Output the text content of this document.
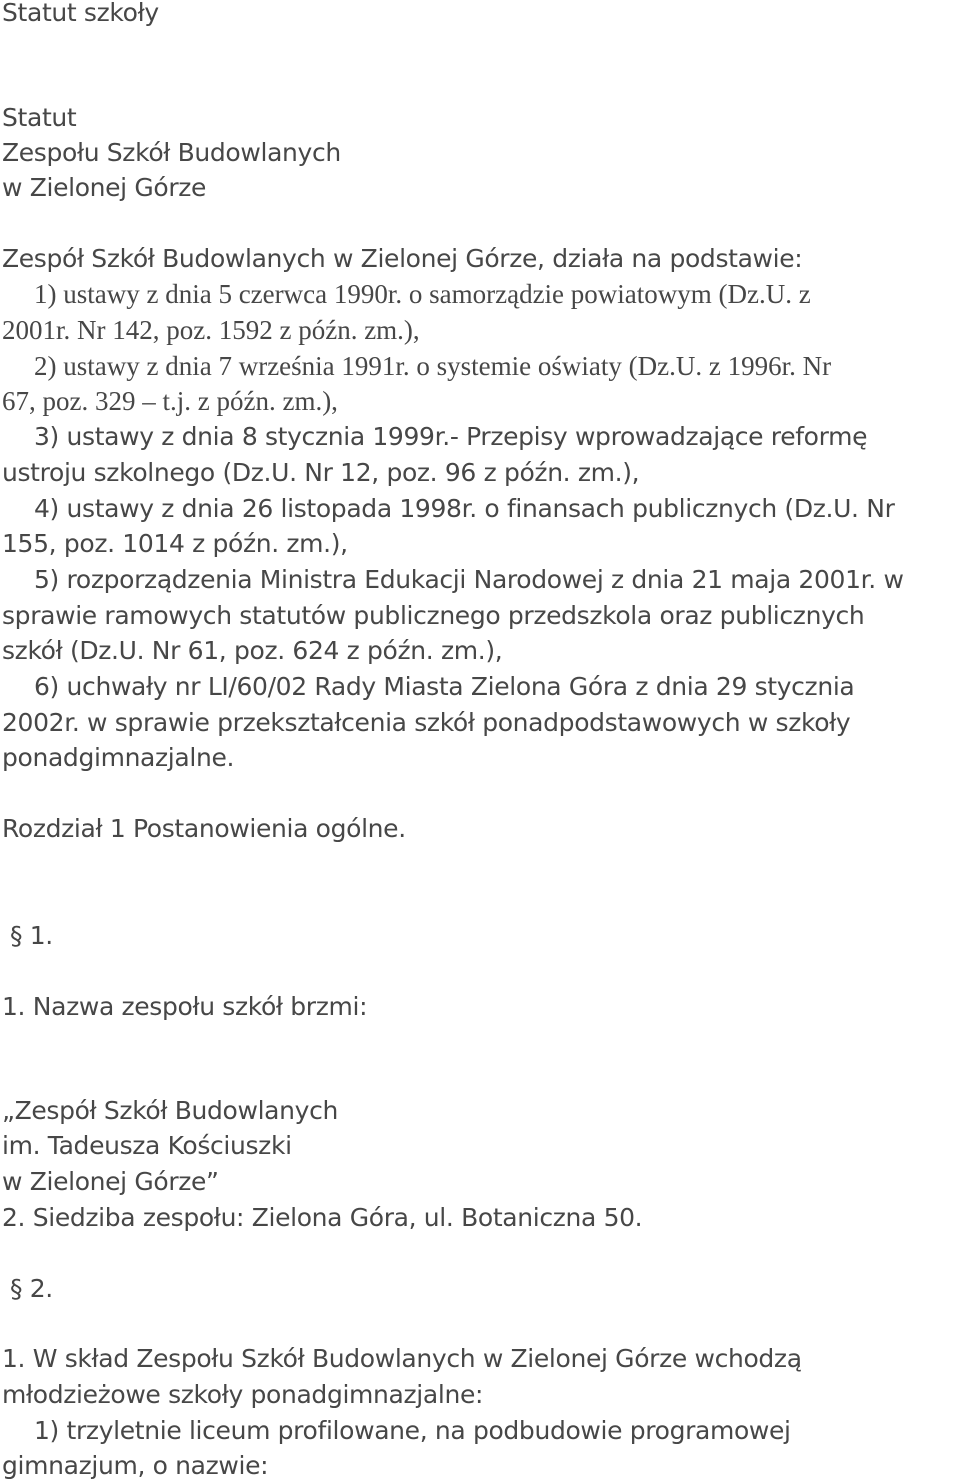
Statut szkoły
Statut
Zespołu Szkół Budowlanych
w Zielonej Górze
Zespół Szkół Budowlanych w Zielonej Górze, działa na podstawie:
1) ustawy z dnia 5 czerwca 1990r. o samorządzie powiatowym (Dz.U. z
2001r. Nr 142, poz. 1592 z późn. zm.),
2) ustawy z dnia 7 września 1991r. o systemie oświaty (Dz.U. z 1996r. Nr
67, poz. 329 – t.j. z późn. zm.),
3) ustawy z dnia 8 stycznia 1999r.- Przepisy wprowadzające reformę
ustroju szkolnego (Dz.U. Nr 12, poz. 96 z późn. zm.),
4) ustawy z dnia 26 listopada 1998r. o finansach publicznych (Dz.U. Nr
155, poz. 1014 z późn. zm.),
5) rozporządzenia Ministra Edukacji Narodowej z dnia 21 maja 2001r. w
sprawie ramowych statutów publicznego przedszkola oraz publicznych
szkół (Dz.U. Nr 61, poz. 624 z późn. zm.),
6) uchwały nr LI/60/02 Rady Miasta Zielona Góra z dnia 29 stycznia
2002r. w sprawie przekształcenia szkół ponadpodstawowych w szkoły
ponadgimnazjalne.
Rozdział 1 Postanowienia ogólne.
§ 1.
1. Nazwa zespołu szkół brzmi:
„Zespół Szkół Budowlanych
im. Tadeusza Kościuszki
w Zielonej Górze”
2. Siedziba zespołu: Zielona Góra, ul. Botaniczna 50.
§ 2.
1. W skład Zespołu Szkół Budowlanych w Zielonej Górze wchodzą
młodzieżowe szkoły ponadgimnazjalne:
1) trzyletnie liceum profilowane, na podbudowie programowej
gimnazjum, o nazwie:
